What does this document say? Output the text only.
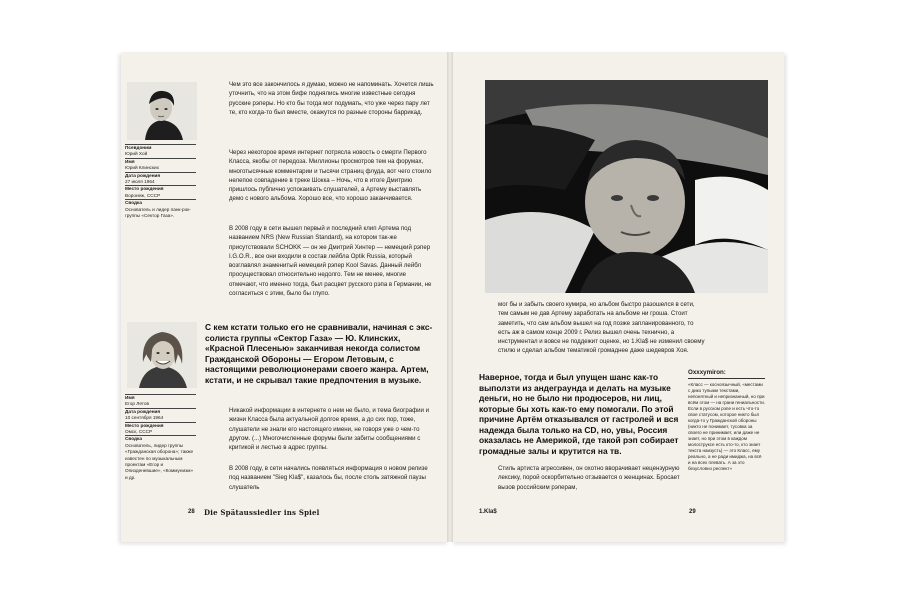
Псевдоним
Юрий Хой
Имя
Юрий Клинских
Дата рождения
27 июля 1964
Место рождения
Воронеж, СССР
Сводка
Основатель и лидер панк-рок-группы «Сектор Газа».
Имя
Егор Летов
Дата рождения
10 сентября 1964
Место рождения
Омск, СССР
Сводка
Основатель, лидер группы «Гражданская оборона»; также известен по музыкальным проектам «Егор и Опизденевшие», «Коммунизм» и др.
Чем это все закончилось я думаю, можно не напоминать. Хочется лишь уточнить, что на этом бифе поднялись многие известные сегодня русские рэперы. Но кто бы тогда мог подумать, что уже через пару лет те, кто когда-то был вместе, окажутся по разные стороны баррикад.
Через некоторое время интернет потрясла новость о смерти Первого Класса, якобы от передоза. Миллионы просмотров тем на форумах, многотысячные комментарии и тысячи страниц флуда, вот чего стоило нелепое совпадение в треке Шокка – Ночь, что в итоге Дмитрию пришлось публично успокаивать слушателей, а Артему выставлять демо с нового альбома. Хорошо все, что хорошо заканчивается.
В 2008 году в сети вышел первый и последний клип Артема под названием NRS (New Russian Standard), на котором так-же присутствовали SCHOKK — он же Дмитрий Хинтер — немецкий рэпер I.G.O.R., все они входили в состав лейбла Optik Russia, который возглавлял знаменитый немецкий рэпер Kool Savas. Данный лейбл просуществовал относительно недолго. Тем не менее, многие отмечают, что именно тогда, был расцвет русского рэпа в Германии, не согласиться с этим, было бы глупо.
С кем кстати только его не сравнивали, начиная с экс-солиста группы «Сектор Газа» — Ю. Клинских, «Красной Плесенью» заканчивая некогда солистом Гражданской Обороны — Егором Летовым, с настоящими революционерами своего жанра. Артем, кстати, и не скрывал такие предпочтения в музыке.
Никакой информации в интернете о нем не было, и тема биографии и жизни Класса была актуальной долгое время, а до сих пор, тоже, слушатели не знали его настоящего имени, не говоря уже о чем-то другом. (...) Многочисленные форумы были забиты сообщениями с критикой и лестью в адрес группы.
В 2008 году, в сети начались появляться информация о новом релизе под названием "Sieg Kla$", казалось бы, после столь затяжной паузы слушатель
28 Die Spätaussiedler ins Spiel
мог бы и забыть своего кумира, но альбом быстро разошелся в сети, тем самым не дав Артему заработать на альбоме ни гроша. Стоит заметить, что сам альбом вышел на год позже запланированного, то есть аж в самом конце 2009 г. Релиз вышел очень технично, а инструментал и вовсе не поддежит оценке, но 1.Kla$ не изменил своему стилю и сделал альбом тематикой громаднее даже шедевров Хоя.
Наверное, тогда и был упущен шанс как-то выползти из андеграунда и делать на музыке деньги, но не было ни продюсеров, ни лиц, которые бы хоть как-то ему помогали. По этой причине Артём отказывался от гастролей и вся надежда была только на CD, но, увы, Россия оказалась не Америкой, где такой рэп собирает громадные залы и крутится на тв.
Стиль артиста агрессивен, он охотно вворачивает нецензурную лексику, порой оскорбительно отзывается о женщинах. Бросает вызов российским рэперам,
Oxxxymiron:
«Класс — косноязычный, «местами с дико тупыми текстами, непонятный и непризнанный, но при всём этом — на грани гениальности. Если в русском рэпе и есть что-то свое статусом, которое никто был когда-то у Гражданской обороны (никто не понимает, тусовка за своего не принимает, или даже не знает, но при этом в каждом молоструксе есть кто-то, кто знает текста наизусть) — это Класс, ему реально, а не ради имиджа, на всё и на всех плевать. А за это безусловно респект»
1.Kla$	29
